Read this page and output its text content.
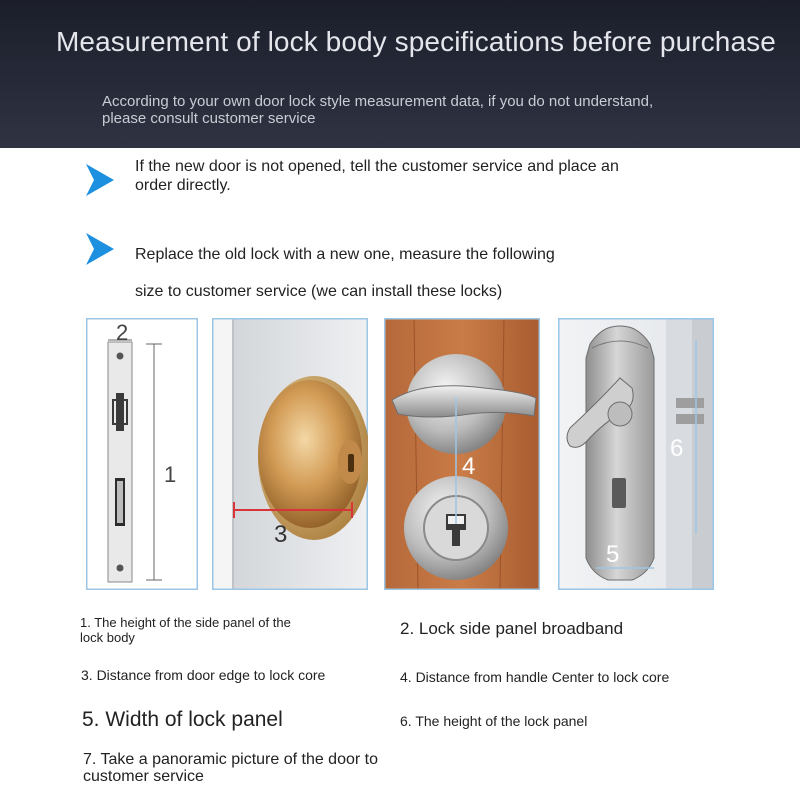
Measurement of lock body specifications before purchase
According to your own door lock style measurement data, if you do not understand,
please consult customer service
If the new door is not opened, tell the customer service and place an
order directly.
Replace the old lock with a new one, measure the following
size to customer service (we can install these locks)
2
1
3
4
6
5
1. The height of the side panel of the
lock body	2. Lock side panel broadband
3. Distance from door edge to lock core	4. Distance from handle Center to lock core
5. Width of lock panel	6. The height of the lock panel
7. Take a panoramic picture of the door to
customer service
